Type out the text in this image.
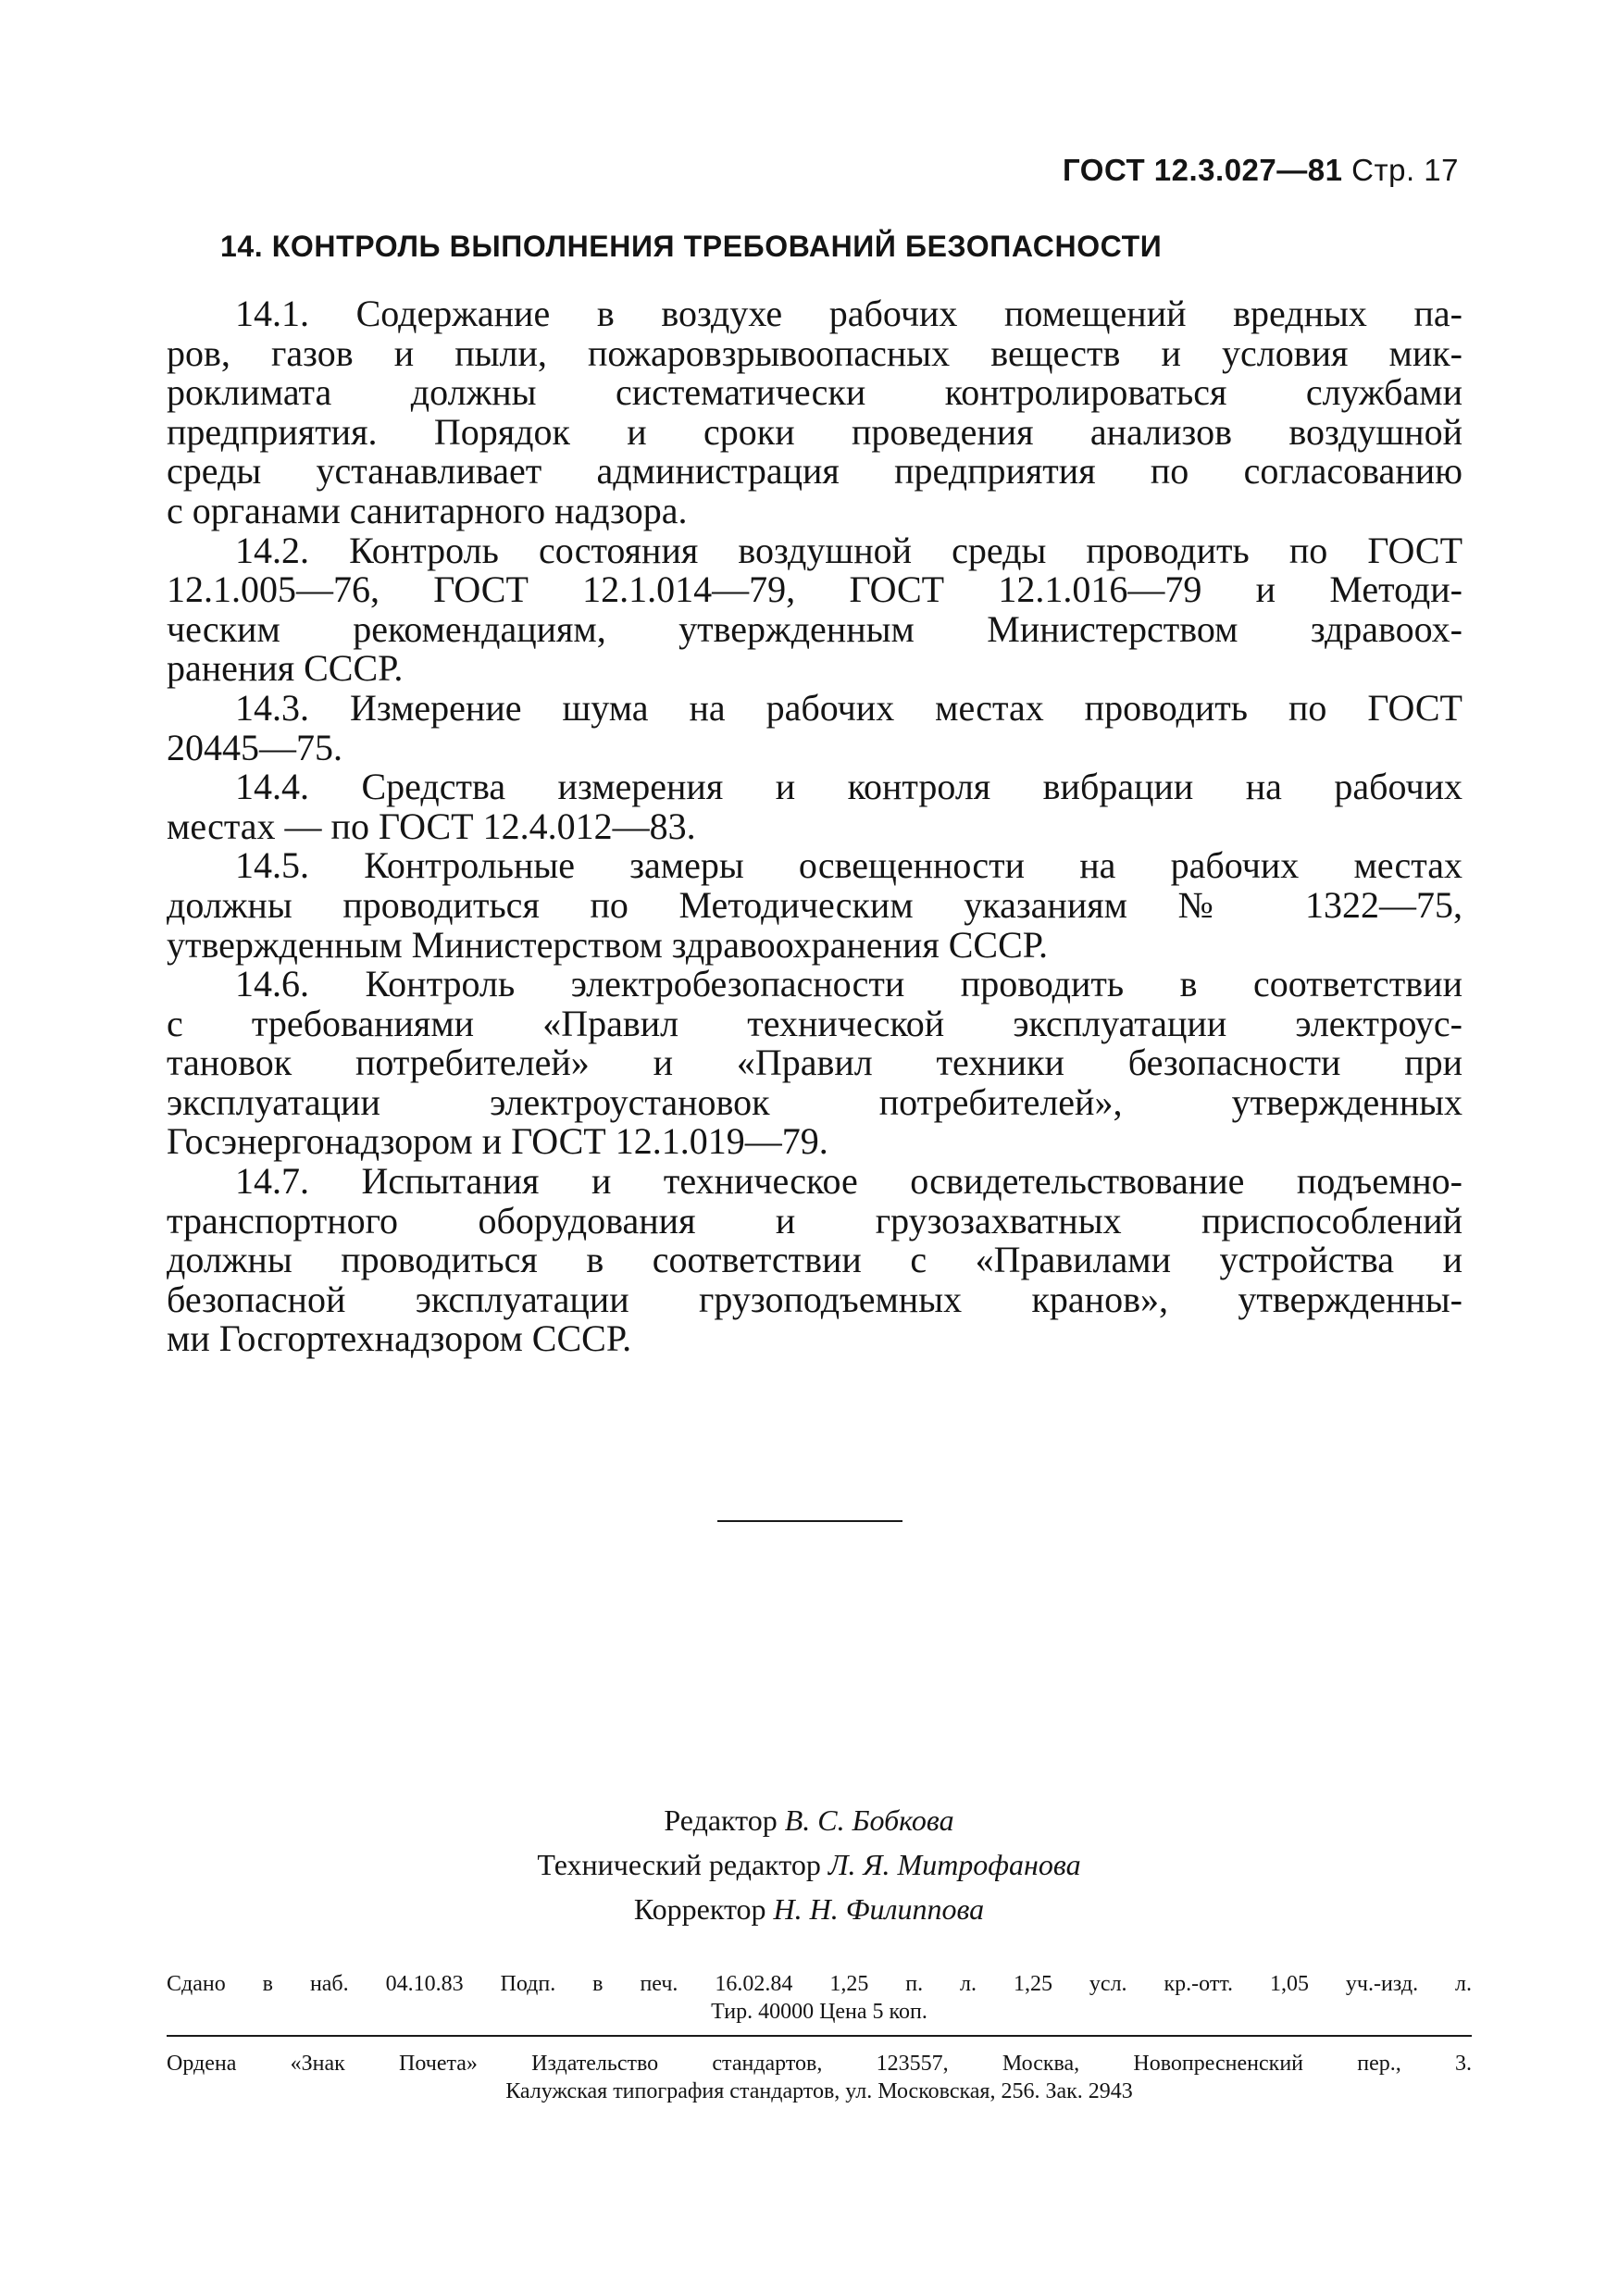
ГОСТ 12.3.027—81 Стр. 17
14. КОНТРОЛЬ ВЫПОЛНЕНИЯ ТРЕБОВАНИЙ БЕЗОПАСНОСТИ
14.1. Содержание в воздухе рабочих помещений вредных па-
ров, газов и пыли, пожаровзрывоопасных веществ и условия мик-
роклимата должны систематически контролироваться службами
предприятия. Порядок и сроки проведения анализов воздушной
среды устанавливает администрация предприятия по согласованию
с органами санитарного надзора.
14.2. Контроль состояния воздушной среды проводить по ГОСТ
12.1.005—76, ГОСТ 12.1.014—79, ГОСТ 12.1.016—79 и Методи-
ческим рекомендациям, утвержденным Министерством здравоох-
ранения СССР.
14.3. Измерение шума на рабочих местах проводить по ГОСТ
20445—75.
14.4. Средства измерения и контроля вибрации на рабочих
местах — по ГОСТ 12.4.012—83.
14.5. Контрольные замеры освещенности на рабочих местах
должны проводиться по Методическим указаниям № 1322—75,
утвержденным Министерством здравоохранения СССР.
14.6. Контроль электробезопасности проводить в соответствии
с требованиями «Правил технической эксплуатации электроус-
тановок потребителей» и «Правил техники безопасности при
эксплуатации электроустановок потребителей», утвержденных
Госэнергонадзором и ГОСТ 12.1.019—79.
14.7. Испытания и техническое освидетельствование подъемно-
транспортного оборудования и грузозахватных приспособлений
должны проводиться в соответствии с «Правилами устройства и
безопасной эксплуатации грузоподъемных кранов», утвержденны-
ми Госгортехнадзором СССР.
Редактор В. С. Бобкова
Технический редактор Л. Я. Митрофанова
Корректор Н. Н. Филиппова
Сдано в наб. 04.10.83 Подп. в печ. 16.02.84 1,25 п. л. 1,25 усл. кр.-отт. 1,05 уч.-изд. л.
Тир. 40000 Цена 5 коп.
Ордена «Знак Почета» Издательство стандартов, 123557, Москва, Новопресненский пер., 3.
Калужская типография стандартов, ул. Московская, 256. Зак. 2943
